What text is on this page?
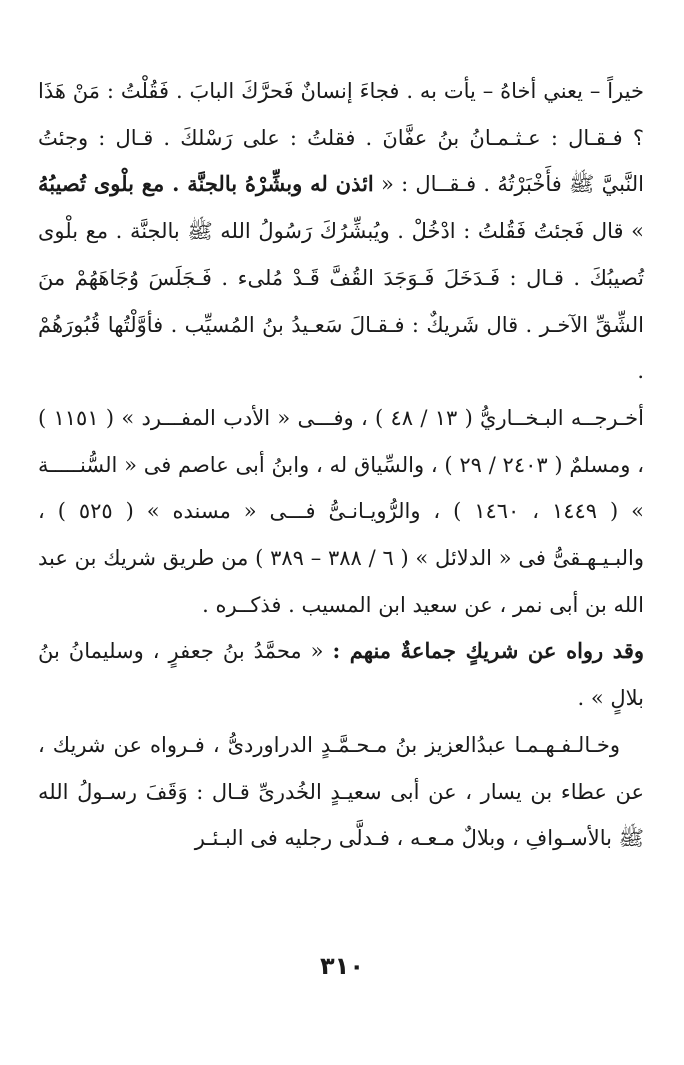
خيراً – يعني أخاهُ – يأت به . فجاءَ إنسانٌ فَحرَّكَ البابَ . فَقُلْتُ : مَنْ هَذَا ؟ فـقـال : عـثـمـانُ بنُ عفَّانَ . فقلتُ : على رَسْلكَ . قـال : وجئتُ النَّبيَّ ﷺ فأَخْبَرْتُهُ . فـقــال : « ائذن له وبشِّرْهُ بالجنَّة . مع بلْوى تُصيبُهُ » قال فَجئتُ فَقُلتُ : ادْخُلْ . ويُبشِّرُكَ رَسُولُ الله ﷺ بالجنَّة . مع بلْوى تُصيبُكَ . قـال : فَـدَخَلَ فَـوَجَدَ القُفَّ قَـدْ مُلىء . فَـجَلَسَ وُجَاهَهُمْ منَ الشِّقِّ الآخـر . قال شَريكٌ : فـقـالَ سَعـيدُ بنُ المُسيِّب . فأوَّلْتُها قُبُورَهُمْ .

أخـرجــه البـخــاريُّ ( ١٣ / ٤٨ ) ، وفـــى « الأدب المفـــرد » ( ١١٥١ ) ، ومسلمٌ ( ٢٤٠٣ / ٢٩ ) ، والسِّياق له ، وابنُ أبى عاصم فى « السُّنـــــة » ( ١٤٤٩ ، ١٤٦٠ ) ، والرُّويـانـىُّ فـــى « مسنده » ( ٥٢٥ ) ، والبـيـهـقىُّ فى « الدلائل » ( ٦ / ٣٨٨ – ٣٨٩ ) من طريق شريك بن عبد الله بن أبى نمر ، عن سعيد ابن المسيب . فذكــره .

وقد رواه عن شريكٍ جماعةٌ منهم : « محمَّدُ بنُ جعفرٍ ، وسليمانُ بنُ بلالٍ » .

وخـالـفـهـمـا عبدُالعزيز بنُ مـحـمَّـدٍ الدراوردىُّ ، فـرواه عن شريك ، عن عطاء بن يسار ، عن أبى سعيـدٍ الخُدرىِّ قـال : وَقَفَ رسـولُ الله ﷺ بالأسـوافِ ، وبلالٌ مـعـه ، فـدلَّى رجليه فى البـئـر

٣١٠
